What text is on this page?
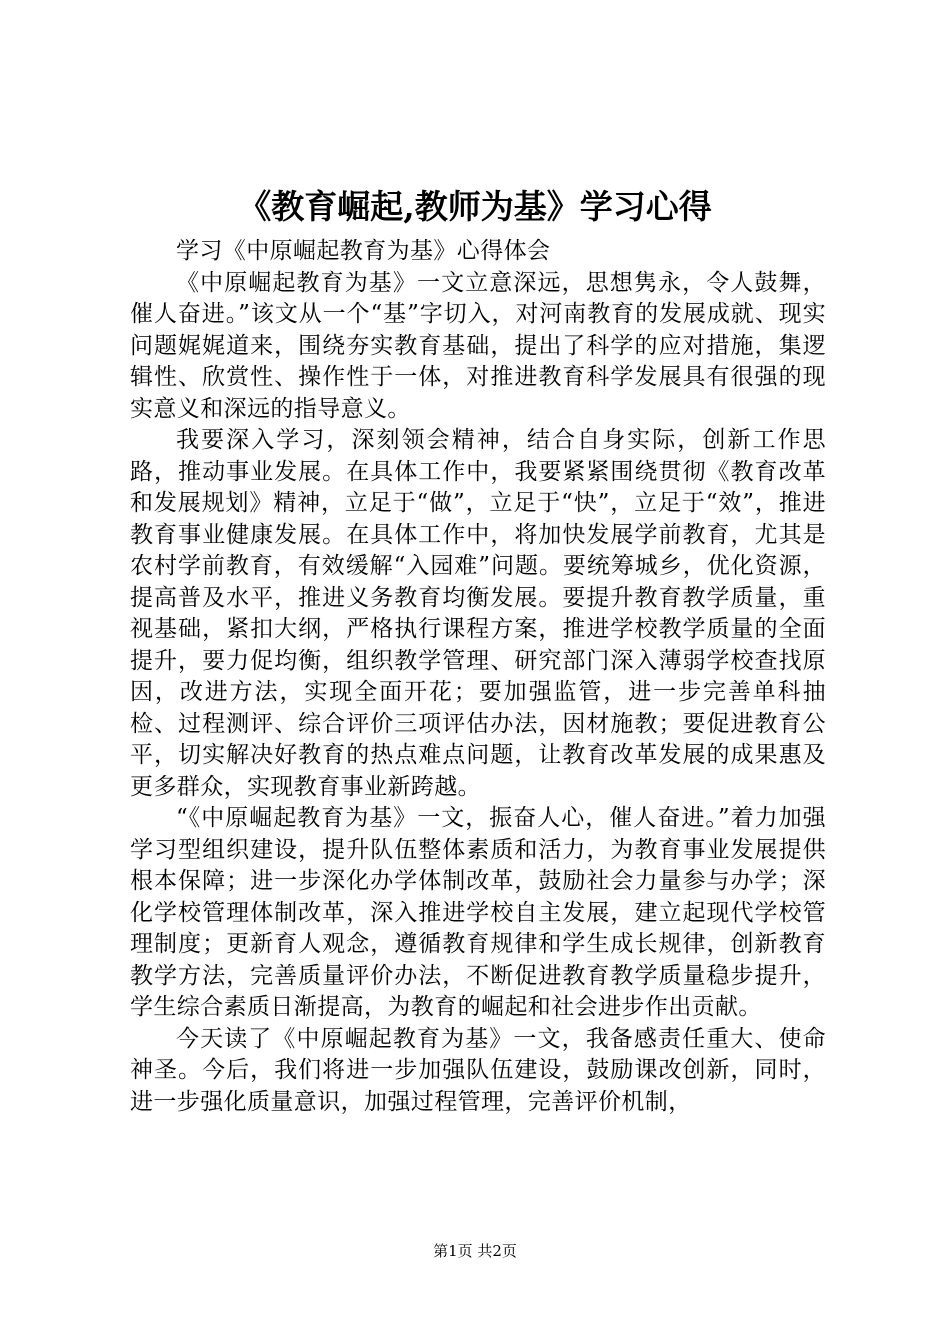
《教育崛起,教师为基》学习心得

学习《中原崛起教育为基》心得体会

《中原崛起教育为基》一文立意深远，思想隽永，令人鼓舞，催人奋进。”该文从一个“基”字切入，对河南教育的发展成就、现实问题娓娓道来，围绕夯实教育基础，提出了科学的应对措施，集逻辑性、欣赏性、操作性于一体，对推进教育科学发展具有很强的现实意义和深远的指导意义。

我要深入学习，深刻领会精神，结合自身实际，创新工作思路，推动事业发展。在具体工作中，我要紧紧围绕贯彻《教育改革和发展规划》精神，立足于“做”，立足于“快”，立足于“效”，推进教育事业健康发展。在具体工作中，将加快发展学前教育，尤其是农村学前教育，有效缓解“入园难”问题。要统筹城乡，优化资源，提高普及水平，推进义务教育均衡发展。要提升教育教学质量，重视基础，紧扣大纲，严格执行课程方案，推进学校教学质量的全面提升，要力促均衡，组织教学管理、研究部门深入薄弱学校查找原因，改进方法，实现全面开花；要加强监管，进一步完善单科抽检、过程测评、综合评价三项评估办法，因材施教；要促进教育公平，切实解决好教育的热点难点问题，让教育改革发展的成果惠及更多群众，实现教育事业新跨越。

“《中原崛起教育为基》一文，振奋人心，催人奋进。”着力加强学习型组织建设，提升队伍整体素质和活力，为教育事业发展提供根本保障；进一步深化办学体制改革，鼓励社会力量参与办学；深化学校管理体制改革，深入推进学校自主发展，建立起现代学校管理制度；更新育人观念，遵循教育规律和学生成长规律，创新教育教学方法，完善质量评价办法，不断促进教育教学质量稳步提升，学生综合素质日渐提高，为教育的崛起和社会进步作出贡献。

今天读了《中原崛起教育为基》一文，我备感责任重大、使命神圣。今后，我们将进一步加强队伍建设，鼓励课改创新，同时，进一步强化质量意识，加强过程管理，完善评价机制，

第1页 共2页
